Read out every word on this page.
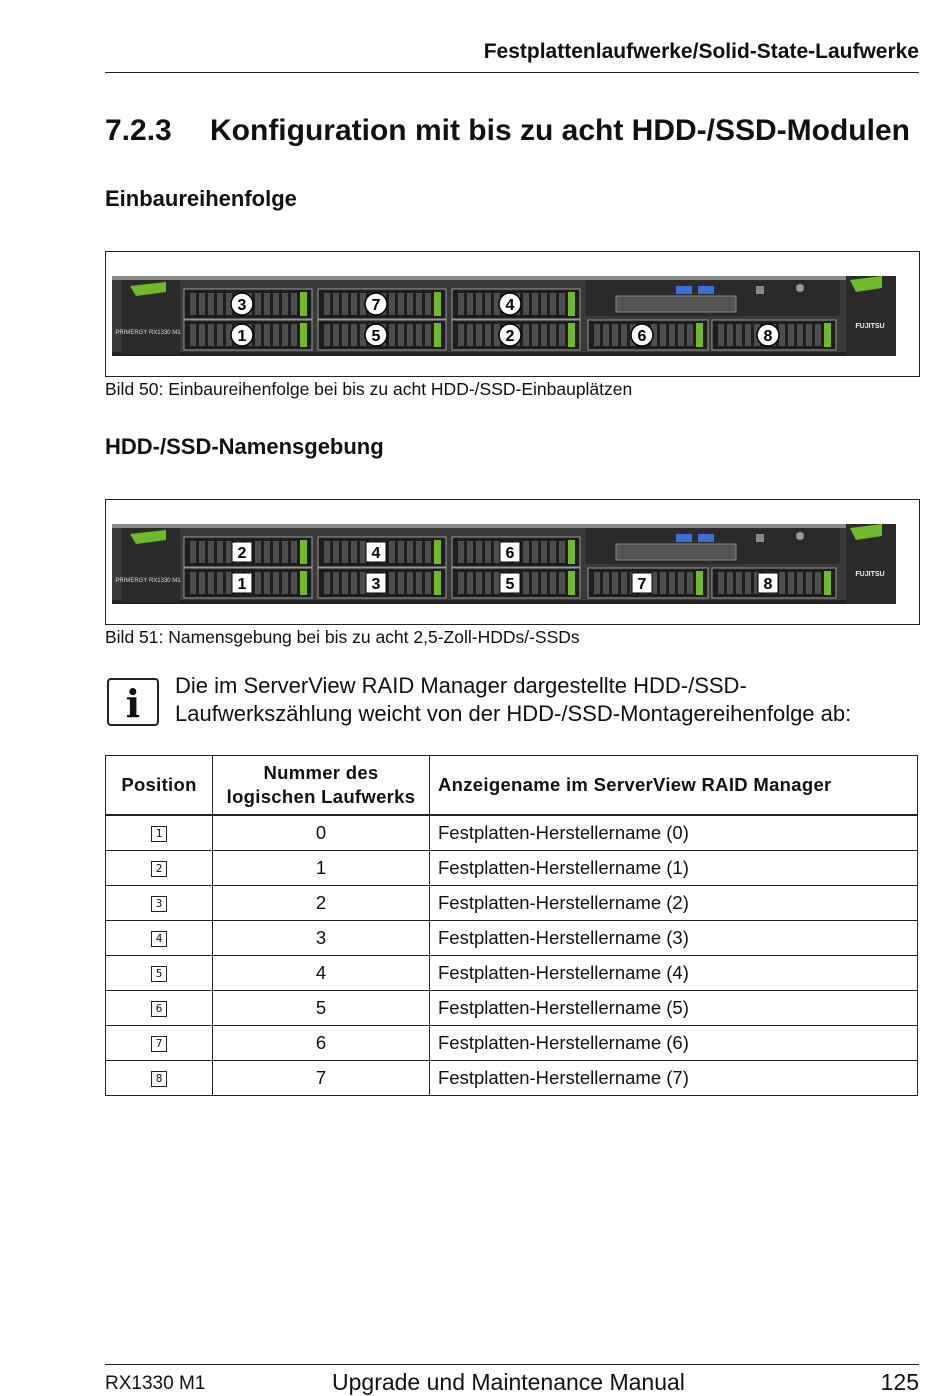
Festplattenlaufwerke/Solid-State-Laufwerke
7.2.3 Konfiguration mit bis zu acht HDD-/SSD-Modulen
Einbaureihenfolge
PRIMERGY RX1330 M1
FUJITSU
3	7	4
1	5	2	6	8
Bild 50: Einbaureihenfolge bei bis zu acht HDD-/SSD-Einbauplätzen
HDD-/SSD-Namensgebung
PRIMERGY RX1330 M1
FUJITSU
2	4	6
1	3	5	7	8
Bild 51: Namensgebung bei bis zu acht 2,5-Zoll-HDDs/-SSDs
i	Die im ServerView RAID Manager dargestellte HDD-/SSD-Laufwerkszählung weicht von der HDD-/SSD-Montagereihenfolge ab:
Position	Nummer des logischen Laufwerks	Anzeigename im ServerView RAID Manager
1	0	Festplatten-Herstellername (0)
2	1	Festplatten-Herstellername (1)
3	2	Festplatten-Herstellername (2)
4	3	Festplatten-Herstellername (3)
5	4	Festplatten-Herstellername (4)
6	5	Festplatten-Herstellername (5)
7	6	Festplatten-Herstellername (6)
8	7	Festplatten-Herstellername (7)
RX1330 M1	Upgrade und Maintenance Manual	125
